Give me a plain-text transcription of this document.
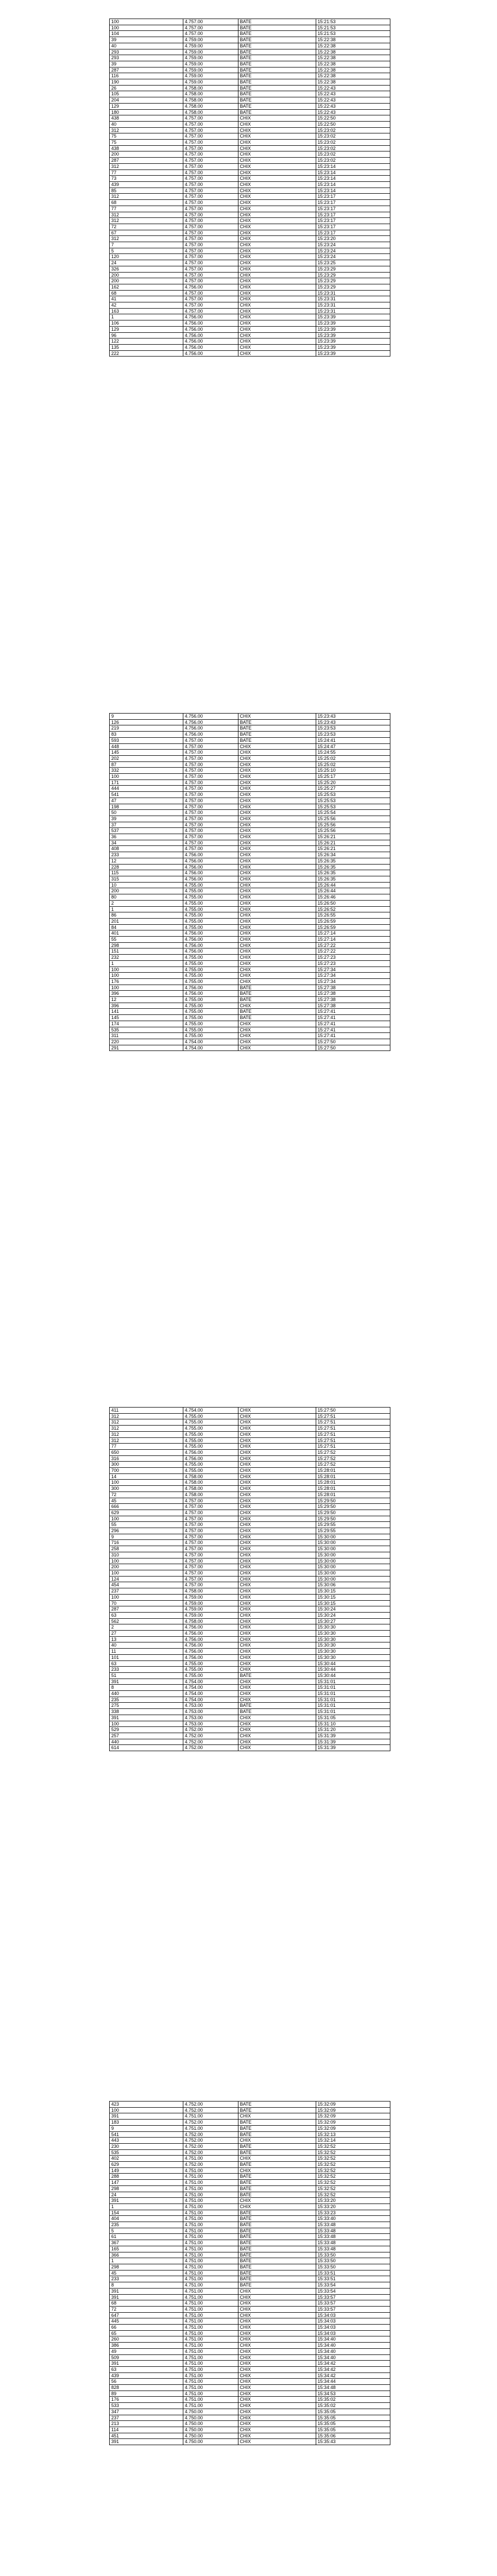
100	4.757.00	BATE	15:21:53
100	4.757.00	BATE	15:21:53
104	4.757.00	BATE	15:21:53
39	4.759.00	BATE	15:22:38
40	4.759.00	BATE	15:22:38
293	4.759.00	BATE	15:22:38
293	4.759.00	BATE	15:22:38
39	4.759.00	BATE	15:22:38
287	4.759.00	BATE	15:22:38
116	4.759.00	BATE	15:22:38
190	4.759.00	BATE	15:22:38
26	4.758.00	BATE	15:22:43
105	4.758.00	BATE	15:22:43
204	4.758.00	BATE	15:22:43
129	4.758.00	BATE	15:22:43
180	4.758.00	BATE	15:22:43
438	4.757.00	CHIX	15:22:50
40	4.757.00	CHIX	15:22:50
312	4.757.00	CHIX	15:23:02
75	4.757.00	CHIX	15:23:02
75	4.757.00	CHIX	15:23:02
438	4.757.00	CHIX	15:23:02
200	4.757.00	CHIX	15:23:02
287	4.757.00	CHIX	15:23:02
312	4.757.00	CHIX	15:23:14
77	4.757.00	CHIX	15:23:14
73	4.757.00	CHIX	15:23:14
439	4.757.00	CHIX	15:23:14
85	4.757.00	CHIX	15:23:14
312	4.757.00	CHIX	15:23:17
68	4.757.00	CHIX	15:23:17
77	4.757.00	CHIX	15:23:17
312	4.757.00	CHIX	15:23:17
312	4.757.00	CHIX	15:23:17
72	4.757.00	CHIX	15:23:17
67	4.757.00	CHIX	15:23:17
312	4.757.00	CHIX	15:23:20
7	4.757.00	CHIX	15:23:24
5	4.757.00	CHIX	15:23:24
120	4.757.00	CHIX	15:23:24
24	4.757.00	CHIX	15:23:25
326	4.757.00	CHIX	15:23:29
200	4.757.00	CHIX	15:23:29
200	4.757.00	CHIX	15:23:29
162	4.756.00	CHIX	15:23:29
68	4.757.00	CHIX	15:23:31
41	4.757.00	CHIX	15:23:31
42	4.757.00	CHIX	15:23:31
163	4.757.00	CHIX	15:23:31
1	4.756.00	CHIX	15:23:39
106	4.756.00	CHIX	15:23:39
129	4.756.00	CHIX	15:23:39
96	4.756.00	CHIX	15:23:39
122	4.756.00	CHIX	15:23:39
135	4.756.00	CHIX	15:23:39
222	4.756.00	CHIX	15:23:39
9	4.756.00	CHIX	15:23:43
126	4.756.00	BATE	15:23:43
219	4.756.00	BATE	15:23:53
83	4.756.00	BATE	15:23:53
593	4.757.00	BATE	15:24:41
448	4.757.00	CHIX	15:24:47
145	4.757.00	CHIX	15:24:55
202	4.757.00	CHIX	15:25:02
87	4.757.00	CHIX	15:25:02
332	4.757.00	CHIX	15:25:10
100	4.757.00	CHIX	15:25:17
171	4.757.00	CHIX	15:25:20
444	4.757.00	CHIX	15:25:27
541	4.757.00	CHIX	15:25:53
47	4.757.00	CHIX	15:25:53
198	4.757.00	CHIX	15:25:53
50	4.757.00	CHIX	15:25:54
39	4.757.00	CHIX	15:25:56
37	4.757.00	CHIX	15:25:56
537	4.757.00	CHIX	15:25:56
36	4.757.00	CHIX	15:26:21
34	4.757.00	CHIX	15:26:21
408	4.757.00	CHIX	15:26:21
233	4.756.00	CHIX	15:26:34
12	4.756.00	CHIX	15:26:35
228	4.756.00	CHIX	15:26:35
115	4.756.00	CHIX	15:26:35
315	4.756.00	CHIX	15:26:35
10	4.755.00	CHIX	15:26:44
200	4.755.00	CHIX	15:26:44
80	4.755.00	CHIX	15:26:46
2	4.755.00	CHIX	15:26:50
1	4.755.00	CHIX	15:26:52
86	4.755.00	CHIX	15:26:55
201	4.755.00	CHIX	15:26:59
84	4.755.00	CHIX	15:26:59
401	4.756.00	CHIX	15:27:14
55	4.756.00	CHIX	15:27:14
298	4.756.00	CHIX	15:27:22
151	4.756.00	CHIX	15:27:22
232	4.755.00	CHIX	15:27:23
1	4.755.00	CHIX	15:27:23
100	4.755.00	CHIX	15:27:34
100	4.755.00	CHIX	15:27:34
176	4.755.00	CHIX	15:27:34
100	4.756.00	BATE	15:27:38
396	4.756.00	BATE	15:27:38
12	4.755.00	BATE	15:27:38
396	4.755.00	CHIX	15:27:38
141	4.755.00	BATE	15:27:41
145	4.755.00	BATE	15:27:41
174	4.755.00	CHIX	15:27:41
535	4.755.00	CHIX	15:27:41
311	4.755.00	CHIX	15:27:41
220	4.754.00	CHIX	15:27:50
291	4.754.00	CHIX	15:27:50
411	4.754.00	CHIX	15:27:50
312	4.755.00	CHIX	15:27:51
312	4.755.00	CHIX	15:27:51
312	4.755.00	CHIX	15:27:51
312	4.755.00	CHIX	15:27:51
312	4.755.00	CHIX	15:27:51
77	4.755.00	CHIX	15:27:51
650	4.756.00	CHIX	15:27:52
316	4.756.00	CHIX	15:27:52
300	4.755.00	CHIX	15:27:52
700	4.755.00	CHIX	15:28:01
14	4.758.00	CHIX	15:28:01
100	4.758.00	CHIX	15:28:01
300	4.758.00	CHIX	15:28:01
72	4.758.00	CHIX	15:28:01
45	4.757.00	CHIX	15:29:50
666	4.757.00	CHIX	15:29:50
629	4.757.00	CHIX	15:29:50
100	4.757.00	CHIX	15:29:50
55	4.757.00	CHIX	15:29:55
296	4.757.00	CHIX	15:29:55
9	4.757.00	CHIX	15:30:00
716	4.757.00	CHIX	15:30:00
258	4.757.00	CHIX	15:30:00
310	4.757.00	CHIX	15:30:00
100	4.757.00	CHIX	15:30:00
200	4.757.00	CHIX	15:30:00
100	4.757.00	CHIX	15:30:00
124	4.757.00	CHIX	15:30:00
454	4.757.00	CHIX	15:30:06
237	4.758.00	CHIX	15:30:15
100	4.759.00	CHIX	15:30:15
70	4.759.00	CHIX	15:30:15
287	4.759.00	CHIX	15:30:24
63	4.759.00	CHIX	15:30:24
562	4.758.00	CHIX	15:30:27
2	4.756.00	CHIX	15:30:30
27	4.756.00	CHIX	15:30:30
13	4.756.00	CHIX	15:30:30
40	4.756.00	CHIX	15:30:30
11	4.756.00	CHIX	15:30:30
101	4.756.00	CHIX	15:30:30
63	4.755.00	CHIX	15:30:44
233	4.755.00	CHIX	15:30:44
51	4.755.00	BATE	15:30:44
391	4.754.00	CHIX	15:31:01
8	4.754.00	CHIX	15:31:01
440	4.754.00	CHIX	15:31:01
235	4.754.00	CHIX	15:31:01
275	4.753.00	BATE	15:31:01
338	4.753.00	BATE	15:31:01
391	4.753.00	CHIX	15:31:05
100	4.753.00	CHIX	15:31:10
529	4.752.00	CHIX	15:31:20
257	4.752.00	CHIX	15:31:39
440	4.752.00	CHIX	15:31:39
614	4.752.00	CHIX	15:31:39
423	4.752.00	BATE	15:32:09
100	4.752.00	BATE	15:32:09
391	4.751.00	CHIX	15:32:09
183	4.752.00	BATE	15:32:09
9	4.751.00	BATE	15:32:09
541	4.752.00	BATE	15:32:13
443	4.752.00	CHIX	15:32:14
230	4.752.00	BATE	15:32:52
535	4.752.00	BATE	15:32:52
402	4.751.00	CHIX	15:32:52
629	4.752.00	BATE	15:32:52
149	4.751.00	CHIX	15:32:52
288	4.751.00	BATE	15:32:52
147	4.751.00	BATE	15:32:52
298	4.751.00	BATE	15:32:52
24	4.751.00	BATE	15:32:52
391	4.751.00	CHIX	15:33:20
1	4.751.00	CHIX	15:33:20
154	4.751.00	BATE	15:33:23
404	4.751.00	BATE	15:33:40
235	4.751.00	BATE	15:33:48
5	4.751.00	BATE	15:33:48
61	4.751.00	BATE	15:33:48
367	4.751.00	BATE	15:33:48
165	4.751.00	BATE	15:33:48
366	4.751.00	BATE	15:33:50
1	4.751.00	BATE	15:33:50
298	4.751.00	BATE	15:33:50
45	4.751.00	BATE	15:33:51
233	4.751.00	BATE	15:33:51
8	4.751.00	BATE	15:33:54
391	4.751.00	CHIX	15:33:54
391	4.751.00	CHIX	15:33:57
68	4.751.00	CHIX	15:33:57
72	4.751.00	CHIX	15:33:57
647	4.751.00	CHIX	15:34:03
445	4.751.00	CHIX	15:34:03
66	4.751.00	CHIX	15:34:03
65	4.751.00	CHIX	15:34:03
260	4.751.00	CHIX	15:34:40
386	4.751.00	CHIX	15:34:40
49	4.751.00	CHIX	15:34:40
509	4.751.00	CHIX	15:34:40
391	4.751.00	CHIX	15:34:42
63	4.751.00	CHIX	15:34:42
439	4.751.00	CHIX	15:34:42
56	4.751.00	CHIX	15:34:44
828	4.751.00	CHIX	15:34:48
89	4.751.00	CHIX	15:34:53
176	4.751.00	CHIX	15:35:02
533	4.751.00	CHIX	15:35:02
347	4.750.00	CHIX	15:35:05
237	4.750.00	CHIX	15:35:05
213	4.750.00	CHIX	15:35:05
114	4.750.00	CHIX	15:35:05
451	4.750.00	CHIX	15:35:06
391	4.750.00	CHIX	15:35:43
